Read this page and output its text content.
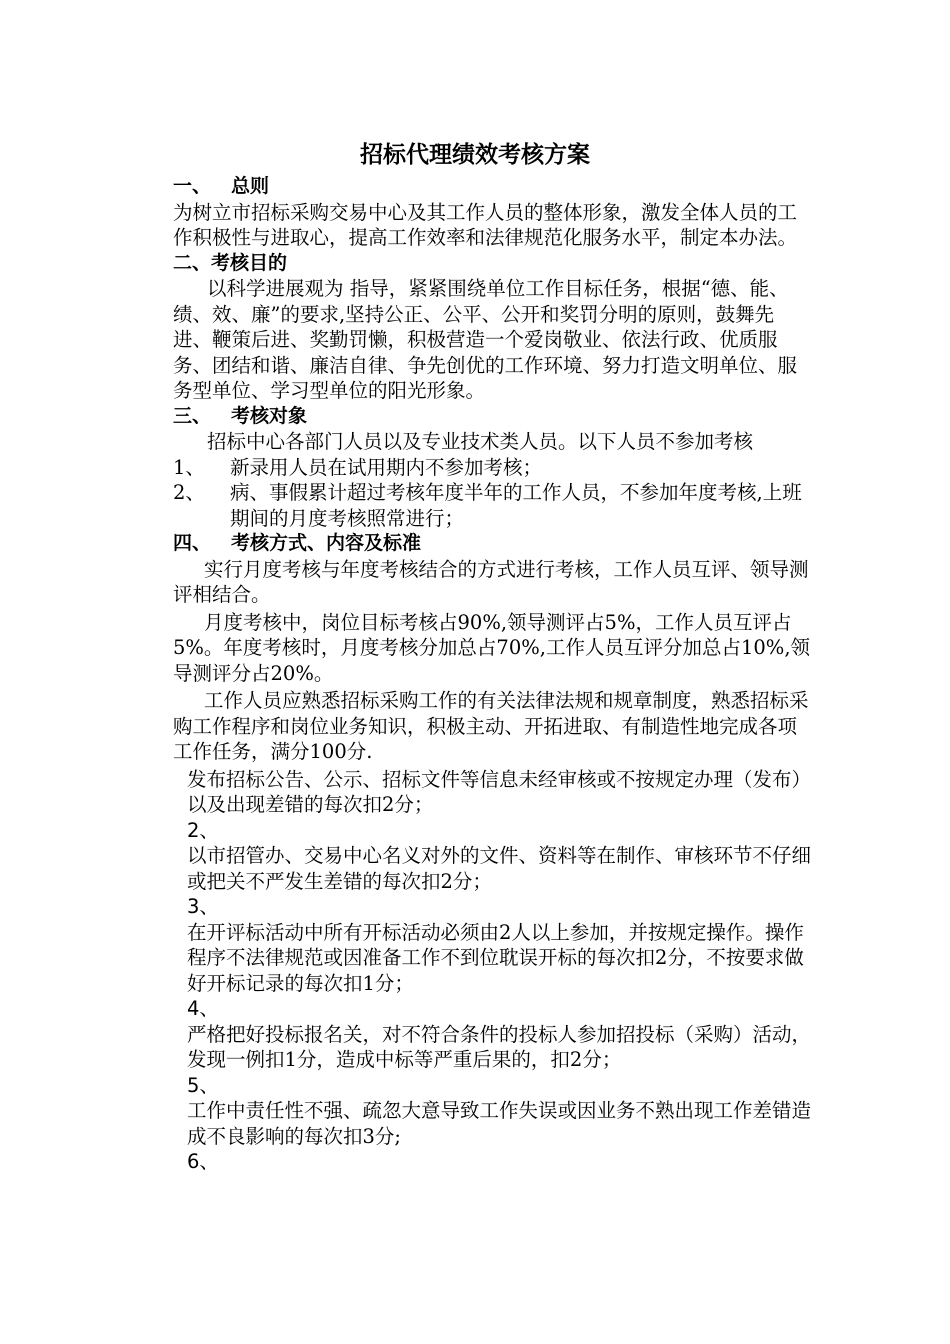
招标代理绩效考核方案

一、 总则

为树立市招标采购交易中心及其工作人员的整体形象，激发全体人员的工作积极性与进取心，提高工作效率和法律规范化服务水平，制定本办法。

二、考核目的

以科学进展观为 指导，紧紧围绕单位工作目标任务，根据“德、能、绩、效、廉”的要求,坚持公正、公平、公开和奖罚分明的原则，鼓舞先进、鞭策后进、奖勤罚懒，积极营造一个爱岗敬业、依法行政、优质服务、团结和谐、廉洁自律、争先创优的工作环境、努力打造文明单位、服务型单位、学习型单位的阳光形象。

三、 考核对象

招标中心各部门人员以及专业技术类人员。以下人员不参加考核

1、	新录用人员在试用期内不参加考核；
2、	病、事假累计超过考核年度半年的工作人员，不参加年度考核,上班期间的月度考核照常进行；

四、 考核方式、内容及标准

实行月度考核与年度考核结合的方式进行考核，工作人员互评、领导测评相结合。

月度考核中，岗位目标考核占90%,领导测评占5%，工作人员互评占5%。年度考核时，月度考核分加总占70%,工作人员互评分加总占10%,领导测评分占20%。

工作人员应熟悉招标采购工作的有关法律法规和规章制度，熟悉招标采购工作程序和岗位业务知识，积极主动、开拓进取、有制造性地完成各项工作任务，满分100分.

发布招标公告、公示、招标文件等信息未经审核或不按规定办理（发布）以及出现差错的每次扣2分；

2、

以市招管办、交易中心名义对外的文件、资料等在制作、审核环节不仔细或把关不严发生差错的每次扣2分；

3、

在开评标活动中所有开标活动必须由2人以上参加，并按规定操作。操作程序不法律规范或因准备工作不到位耽误开标的每次扣2分，不按要求做好开标记录的每次扣1分；

4、

严格把好投标报名关，对不符合条件的投标人参加招投标（采购）活动，发现一例扣1分，造成中标等严重后果的，扣2分；

5、

工作中责任性不强、疏忽大意导致工作失误或因业务不熟出现工作差错造成不良影响的每次扣3分;

6、
